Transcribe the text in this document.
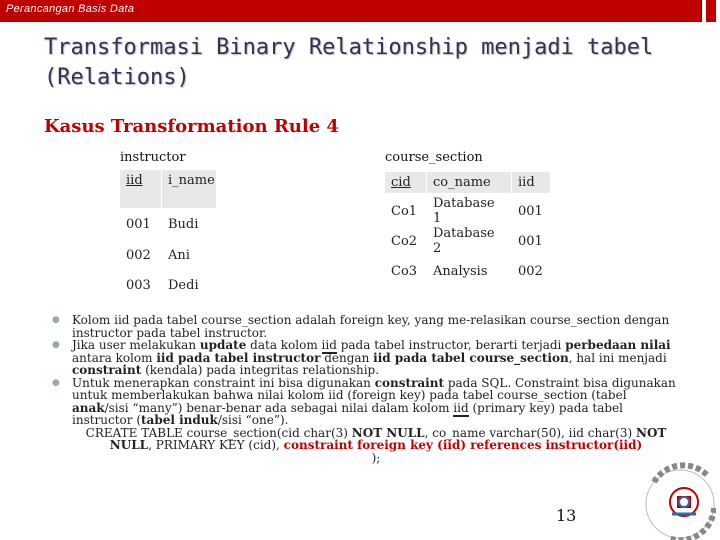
Perancangan Basis Data
Transformasi Binary Relationship menjadi tabel (Relations)
Kasus Transformation Rule 4
instructor
iid	i_name
001	Budi
002	Ani
003	Dedi
course_section
cid	co_name	iid
Co1	Database 1	001
Co2	Database 2	001
Co3	Analysis	002

● Kolom iid pada tabel course_section adalah foreign key, yang me-relasikan course_section dengan instructor pada tabel instructor.

● Jika user melakukan update data kolom iid pada tabel instructor, berarti terjadi perbedaan nilai antara kolom iid pada tabel instructor dengan iid pada tabel course_section, hal ini menjadi constraint (kendala) pada integritas relationship.

● Untuk menerapkan constraint ini bisa digunakan constraint pada SQL. Constraint bisa digunakan untuk memberlakukan bahwa nilai kolom iid (foreign key) pada tabel course_section (tabel anak/sisi “many”) benar-benar ada sebagai nilai dalam kolom iid (primary key) pada tabel instructor (tabel induk/sisi “one”).
CREATE TABLE course_section(cid char(3) NOT NULL, co_name varchar(50), iid char(3) NOT NULL, PRIMARY KEY (cid), constraint foreign key (iid) references instructor(iid)
);

13
